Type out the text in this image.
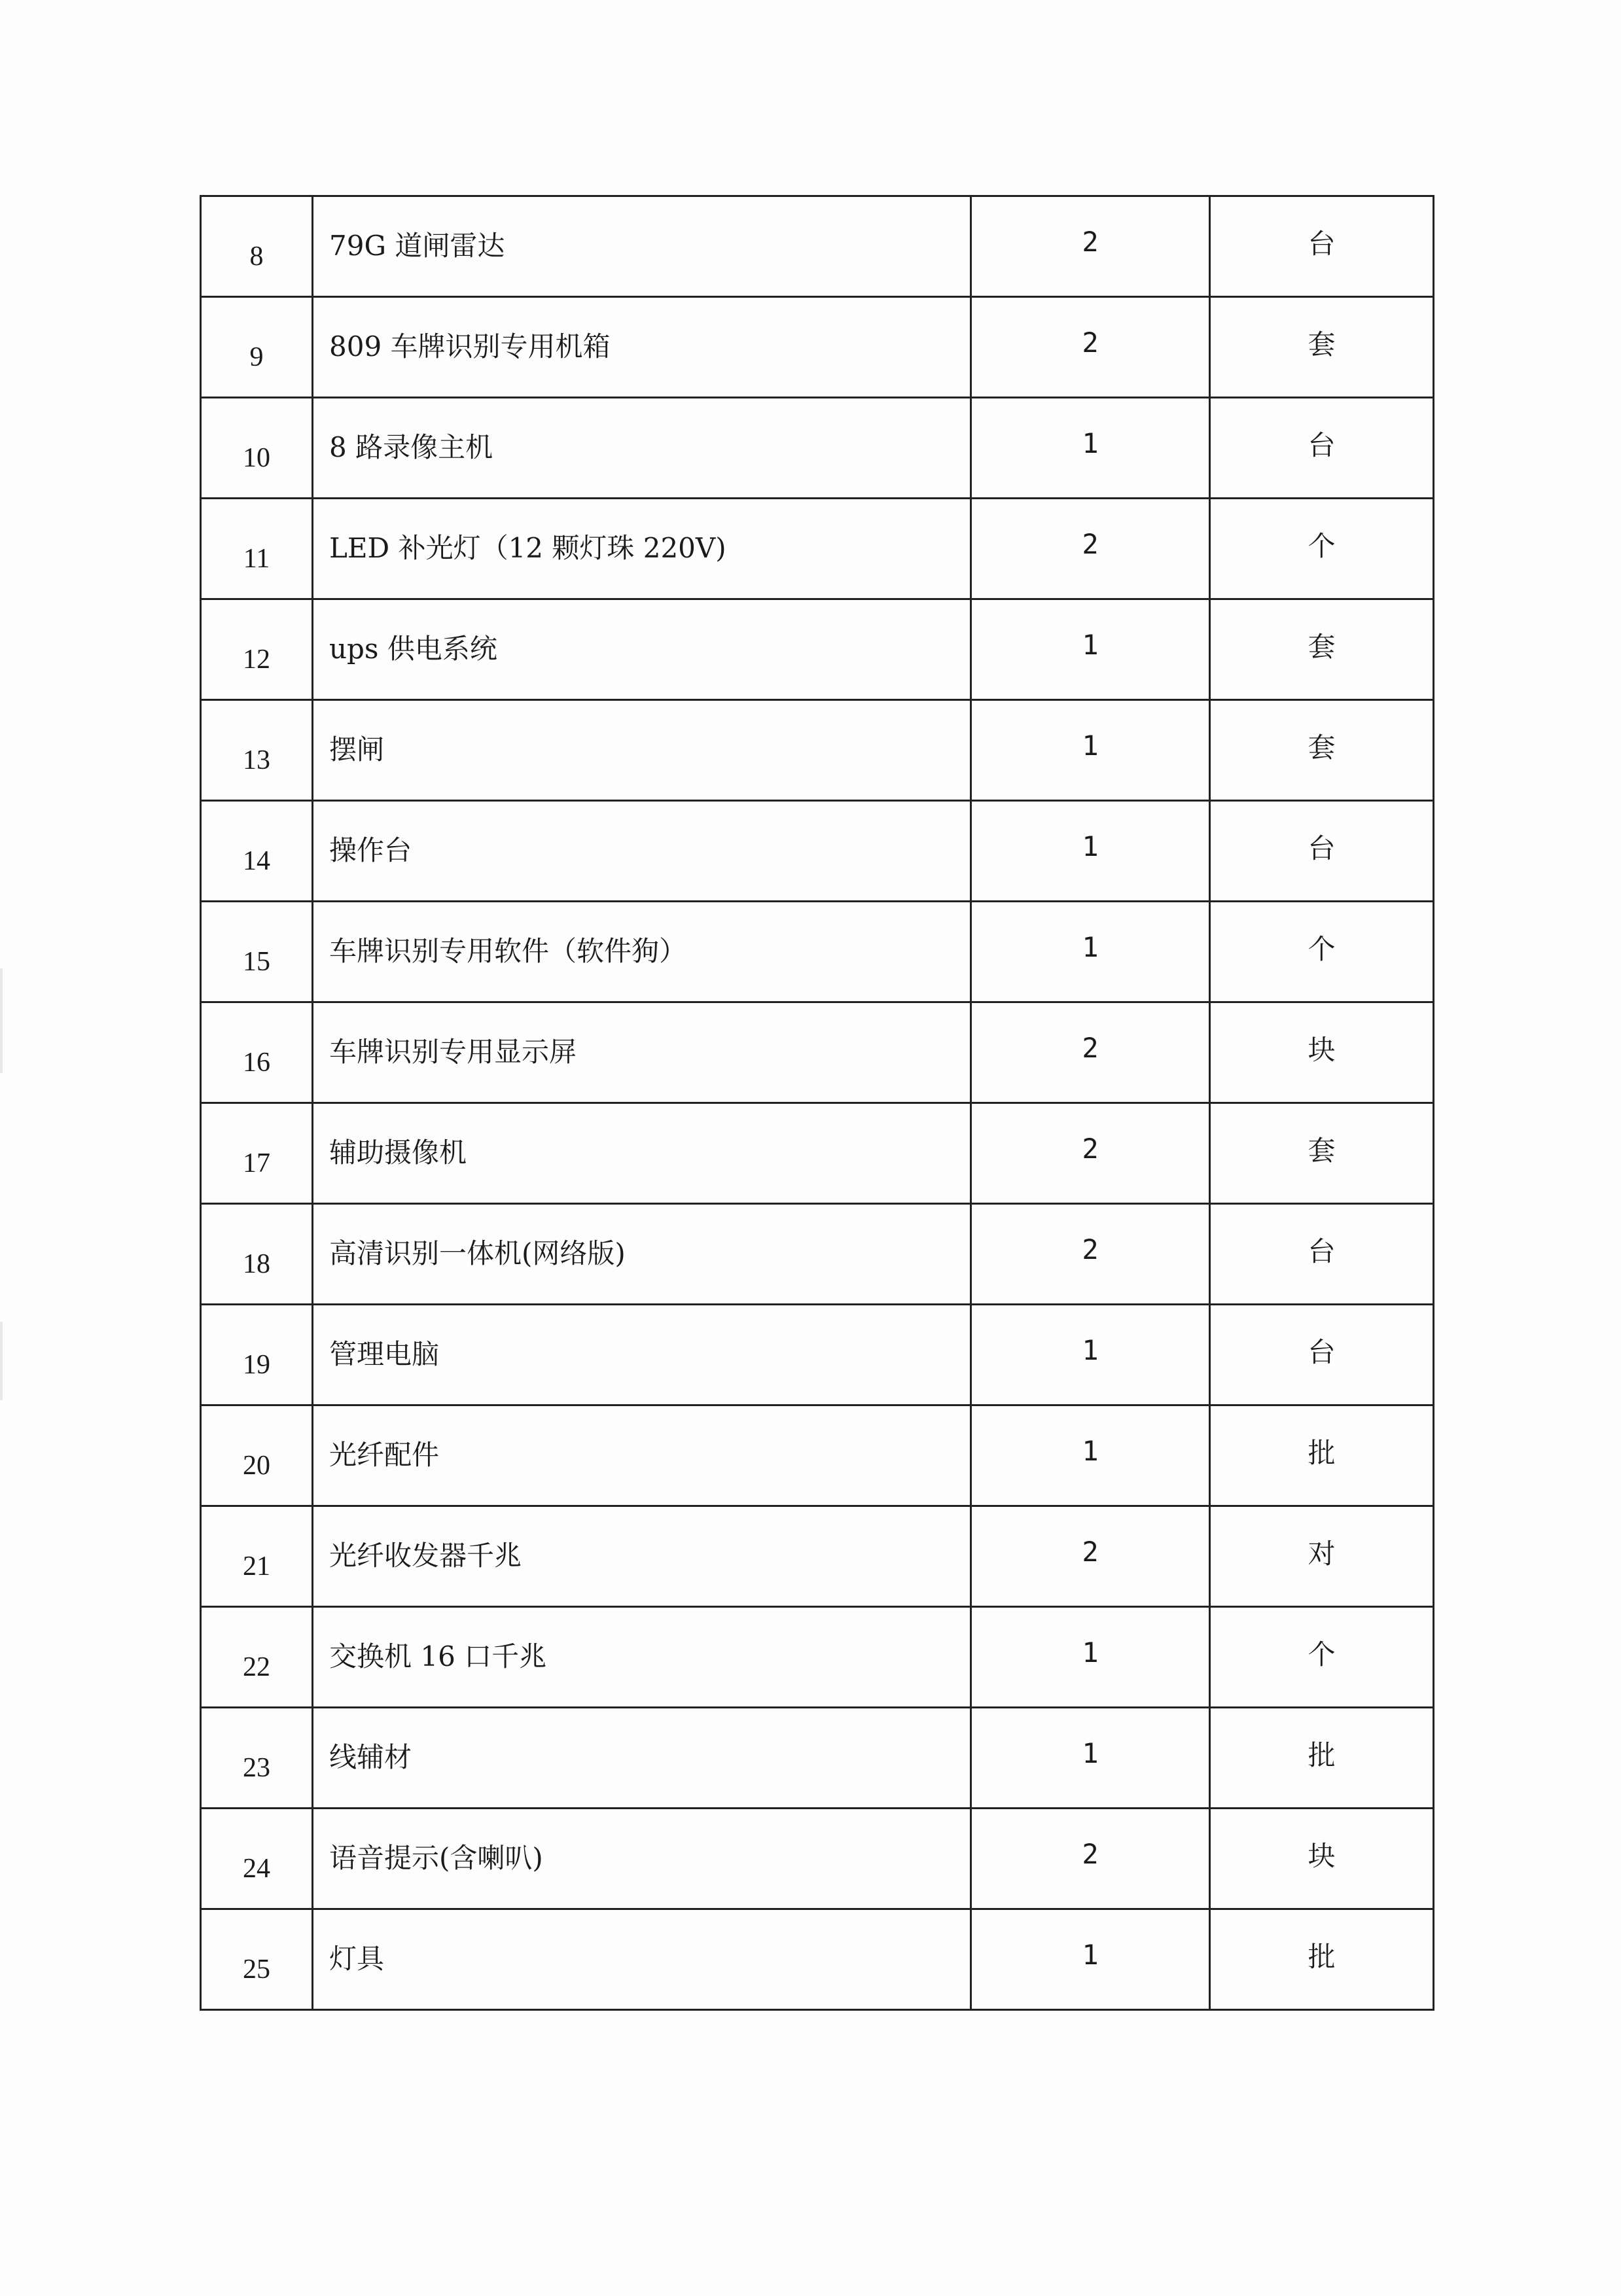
8	79G 道闸雷达	2	台
9	809 车牌识别专用机箱	2	套
10	8 路录像主机	1	台
11	LED 补光灯（12 颗灯珠 220V)	2	个
12	ups 供电系统	1	套
13	摆闸	1	套
14	操作台	1	台
15	车牌识别专用软件（软件狗）	1	个
16	车牌识别专用显示屏	2	块
17	辅助摄像机	2	套
18	高清识别一体机(网络版)	2	台
19	管理电脑	1	台
20	光纤配件	1	批
21	光纤收发器千兆	2	对
22	交换机 16 口千兆	1	个
23	线辅材	1	批
24	语音提示(含喇叭)	2	块
25	灯具	1	批
